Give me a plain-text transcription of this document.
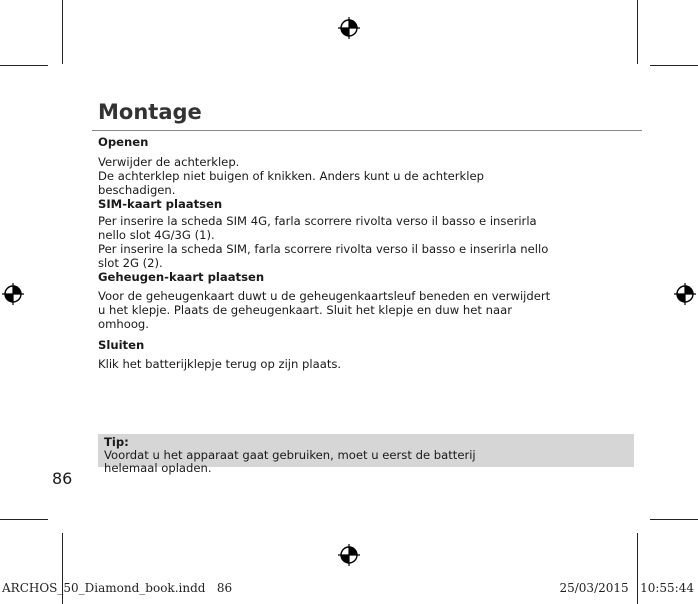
Montage

Openen

Verwijder de achterklep.

De achterklep niet buigen of knikken. Anders kunt u de achterklep

beschadigen.

SIM-kaart plaatsen

Per inserire la scheda SIM 4G, farla scorrere rivolta verso il basso e inserirla

nello slot 4G/3G (1).

Per inserire la scheda SIM, farla scorrere rivolta verso il basso e inserirla nello

slot 2G (2).

Geheugen-kaart plaatsen

Voor de geheugenkaart duwt u de geheugenkaartsleuf beneden en verwijdert

u het klepje. Plaats de geheugenkaart. Sluit het klepje en duw het naar

omhoog.

Sluiten

Klik het batterijklepje terug op zijn plaats.

Tip:
Voordat u het apparaat gaat gebruiken, moet u eerst de batterij
helemaal opladen.
86
ARCHOS_50_Diamond_book.indd   86	25/03/2015   10:55:44
